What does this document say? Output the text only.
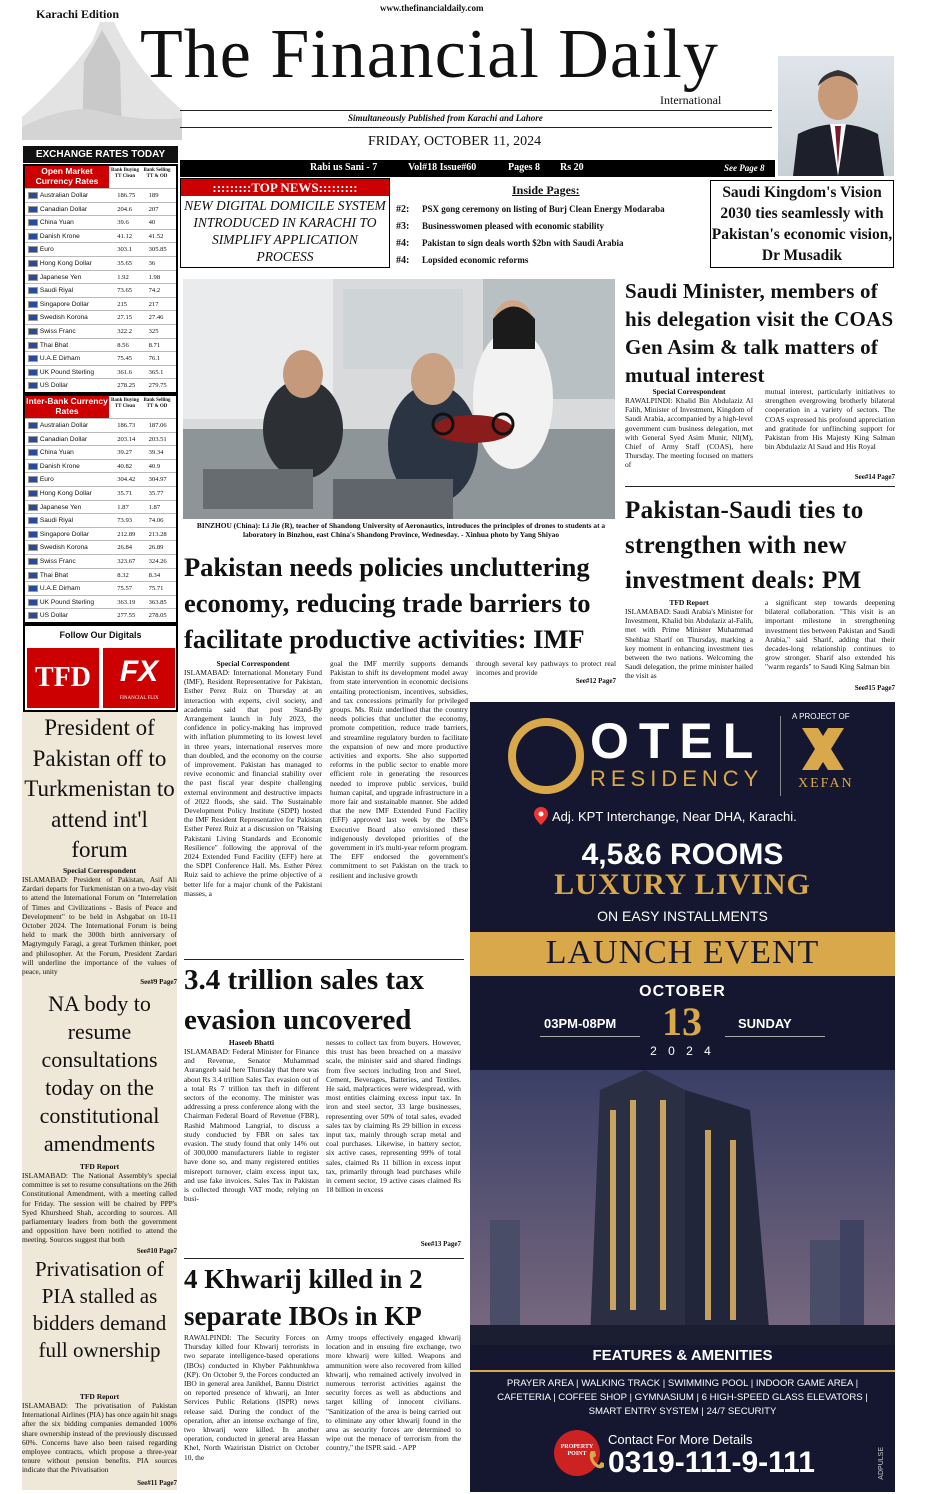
Karachi Edition	www.thefinancialdaily.com
The Financial Daily
International
Simultaneously Published from Karachi and Lahore
FRIDAY, OCTOBER 11, 2024
Rabi us Sani - 7	Vol#18 Issue#60	Pages 8 Rs 20	See Page 8
EXCHANGE RATES TODAY
Open Market Currency Rates
Bank Buying TT Clean
Bank Selling TT & OD
Australian Dollar	186.75	189
Canadian Dollar	204.6	207
China Yuan	39.6	40
Danish Krone	41.12	41.52
Euro	303.1	305.85
Hong Kong Dollar	35.65	36
Japanese Yen	1.92	1.98
Saudi Riyal	73.65	74.2
Singapore Dollar	215	217
Swedish Korona	27.15	27.46
Swiss Franc	322.2	325
Thai Bhat	8.56	8.71
U.A.E Dirham	75.45	76.1
UK Pound Sterling	361.6	365.1
US Dollar	278.25	279.75
Inter-Bank Currency Rates
Bank Buying TT Clean
Bank Selling TT & OD
Australian Dollar	186.73	187.06
Canadian Dollar	203.14	203.51
China Yuan	39.27	39.34
Danish Krone	40.82	40.9
Euro	304.42	304.97
Hong Kong Dollar	35.71	35.77
Japanese Yen	1.87	1.87
Saudi Riyal	73.93	74.06
Singapore Dollar	212.89	213.28
Swedish Korona	26.84	26.89
Swiss Franc	323.67	324.26
Thai Bhat	8.32	8.34
U.A.E Dirham	75.57	75.71
UK Pound Sterling	363.19	363.85
US Dollar	277.55	278.05
Follow Our Digitals
TFD FX
FINANCIAL FLIX
:::::::::TOP NEWS:::::::::
NEW DIGITAL DOMICILE SYSTEM INTRODUCED IN KARACHI TO SIMPLIFY APPLICATION PROCESS
Inside Pages:
#2:	PSX gong ceremony on listing of Burj Clean Energy Modaraba
#3:	Businesswomen pleased with economic stability
#4:	Pakistan to sign deals worth $2bn with Saudi Arabia
#4:	Lopsided economic reforms
Saudi Kingdom's Vision 2030 ties seamlessly with Pakistan's economic vision, Dr Musadik
BINZHOU (China): Li Jie (R), teacher of Shandong University of Aeronautics, introduces the principles of drones to students at a laboratory in Binzhou, east China's Shandong Province, Wednesday. - Xinhua photo by Yang Shiyao
Saudi Minister, members of his delegation visit the COAS Gen Asim & talk matters of mutual interest
Special Correspondent
RAWALPINDI: Khalid Bin Abdulaziz Al Falih, Minister of Investment, Kingdom of Saudi Arabia, accompanied by a high-level government cum business delegation, met with General Syed Asim Munir, NI(M), Chief of Army Staff (COAS), here Thursday. The meeting focused on matters of
mutual interest, particularly initiatives to strengthen evergrowing brotherly bilateral cooperation in a variety of sectors. The COAS expressed his profound appreciation and gratitude for unflinching support for Pakistan from His Majesty King Salman bin Abdulaziz Al Saud and His Royal
See#14 Page7
Pakistan-Saudi ties to strengthen with new investment deals: PM
TFD Report
ISLAMABAD: Saudi Arabia's Minister for Investment, Khalid bin Abdulaziz al-Falih, met with Prime Minister Muhammad Shehbaz Sharif on Thursday, marking a key moment in enhancing investment ties between the two nations. Welcoming the Saudi delegation, the prime minister hailed the visit as
a significant step towards deepening bilateral collaboration. "This visit is an important milestone in strengthening investment ties between Pakistan and Saudi Arabia," said Sharif, adding that their decades-long relationship continues to grow stronger. Sharif also extended his "warm regards" to Saudi King Salman bin
See#15 Page7
Pakistan needs policies uncluttering economy, reducing trade barriers to facilitate productive activities: IMF
Special Correspondent
ISLAMABAD: International Monetary Fund (IMF), Resident Representative for Pakistan, Esther Perez Ruiz on Thursday at an interaction with experts, civil society, and academia said that post Stand-By Arrangement launch in July 2023, the confidence in policy-making has improved with inflation plummeting to its lowest level in three years, international reserves more than doubled, and the economy on the course of improvement. Pakistan has managed to revive economic and financial stability over the past fiscal year despite challenging external environment and destructive impacts of 2022 floods, she said. The Sustainable Development Policy Institute (SDPI) hosted the IMF Resident Representative for Pakistan Esther Perez Ruiz at a discussion on "Raising Pakistani Living Standards and Economic Resilience" following the approval of the 2024 Extended Fund Facility (EFF) here at the SDPI Conference Hall. Ms. Esther Pérez Ruiz said to achieve the prime objective of a better life for a major chunk of the Pakistani masses, a
goal the IMF merrily supports demands Pakistan to shift its development model away from state intervention in economic decisions entailing protectionism, incentives, subsidies, and tax concessions primarily for privileged groups. Ms. Ruiz underlined that the country needs policies that unclutter the economy, promote competition, reduce trade barriers, and streamline regulatory burden to facilitate the expansion of new and more productive activities and exports. She also supported reforms in the public sector to enable more efficient role in generating the resources needed to improve public services, build human capital, and upgrade infrastructure in a more fair and sustainable manner. She added that the new IMF Extended Fund Facility (EFF) approved last week by the IMF's Executive Board also envisioned these indigenously developed priorities of the government in it's multi-year reform program. The EFF endorsed the government's commitment to set Pakistan on the track to resilient and inclusive growth
through several key pathways to protect real incomes and provide
See#12 Page7
3.4 trillion sales tax evasion uncovered
Haseeb Bhatti
ISLAMABAD: Federal Minister for Finance and Revenue, Senator Muhammad Aurangzeb said here Thursday that there was about Rs 3.4 trillion Sales Tax evasion out of a total Rs 7 trillion tax theft in different sectors of the economy. The minister was addressing a press conference along with the Chairman Federal Board of Revenue (FBR), Rashid Mahmood Langrial, to discuss a study conducted by FBR on sales tax evasion. The study found that only 14% out of 300,000 manufacturers liable to register have done so, and many registered entities misreport turnover, claim excess input tax, and use fake invoices. Sales Tax in Pakistan is collected through VAT mode, relying on busi-
nesses to collect tax from buyers. However, this trust has been breached on a massive scale, the minister said and shared findings from five sectors including Iron and Steel, Cement, Beverages, Batteries, and Textiles. He said, malpractices were widespread, with most entities claiming excess input tax. In iron and steel sector, 33 large businesses, representing over 50% of total sales, evaded sales tax by claiming Rs 29 billion in excess input tax, mainly through scrap metal and coal purchases. Likewise, in battery sector, six active cases, representing 99% of total sales, claimed Rs 11 billion in excess input tax, primarily through lead purchases while in cement sector, 19 active cases claimed Rs 18 billion in excess
See#13 Page7
4 Khwarij killed in 2 separate IBOs in KP
RAWALPINDI: The Security Forces on Thursday killed four Khwarij terrorists in two separate intelligence-based operations (IBOs) conducted in Khyber Pakhtunkhwa (KP). On October 9, the Forces conducted an IBO in general area Janikhel, Bannu District on reported presence of khwarij, an Inter Services Public Relations (ISPR) news release said. During the conduct of the operation, after an intense exchange of fire, two khwarij were killed. In another operation, conducted in general area Hassan Khel, North Waziristan District on October 10, the
Army troops effectively engaged khwarij location and in ensuing fire exchange, two more khwarij were killed. Weapons and ammunition were also recovered from killed khwarij, who remained actively involved in numerous terrorist activities against the security forces as well as abductions and target killing of innocent civilians. "Sanitization of the area is being carried out to eliminate any other khwarij found in the area as security forces are determined to wipe out the menace of terrorism from the country," the ISPR said. - APP
President of Pakistan off to Turkmenistan to attend int'l forum
Special Correspondent
ISLAMABAD: President of Pakistan, Asif Ali Zardari departs for Turkmenistan on a two-day visit to attend the International Forum on "Interrelation of Times and Civilizations - Basis of Peace and Development" to be held in Ashgabat on 10-11 October 2024. The International Forum is being held to mark the 300th birth anniversary of Magtymguly Faragi, a great Turkmen thinker, poet and philosopher. At the Forum, President Zardari will underline the importance of the values of peace, unity
See#9 Page7
NA body to resume consultations today on the constitutional amendments
TFD Report
ISLAMABAD: The National Assembly's special committee is set to resume consultations on the 26th Constitutional Amendment, with a meeting called for Friday. The session will be chaired by PPP's Syed Khursheed Shah, according to sources. All parliamentary leaders from both the government and opposition have been notified to attend the meeting. Sources suggest that both
See#10 Page7
Privatisation of PIA stalled as bidders demand full ownership
TFD Report
ISLAMABAD: The privatisation of Pakistan International Airlines (PIA) has once again hit snags after the six bidding companies demanded 100% share ownership instead of the previously discussed 60%. Concerns have also been raised regarding employee contracts, which propose a three-year tenure without pension benefits. PIA sources indicate that the Privatisation
See#11 Page7
OTEL
RESIDENCY
A PROJECT OF
XEFAN
Adj. KPT Interchange, Near DHA, Karachi.
4,5&6 ROOMS
LUXURY LIVING
ON EASY INSTALLMENTS
LAUNCH EVENT
OCTOBER
03PM-08PM 13	SUNDAY
2 0 2 4
FEATURES & AMENITIES
PRAYER AREA | WALKING TRACK | SWIMMING POOL | INDOOR GAME AREA |
CAFETERIA | COFFEE SHOP | GYMNASIUM | 6 HIGH-SPEED GLASS ELEVATORS |
SMART ENTRY SYSTEM | 24/7 SECURITY
PROPERTY POINT
Contact For More Details
0319-111-9-111	ADPULSE
